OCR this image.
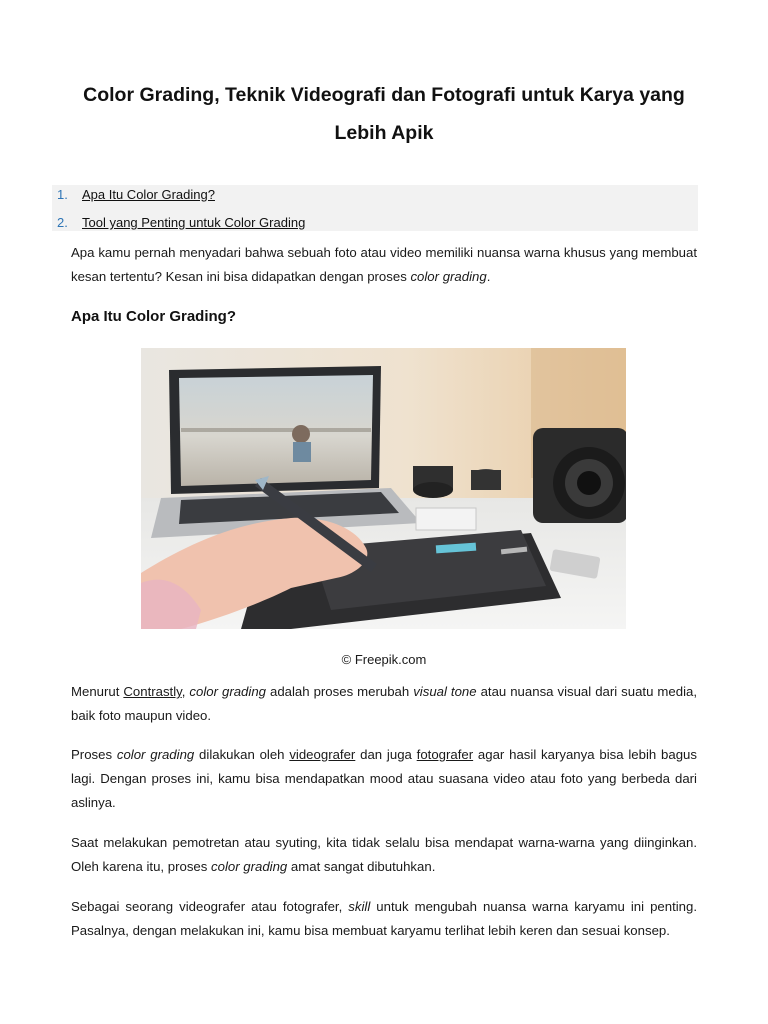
Color Grading, Teknik Videografi dan Fotografi untuk Karya yang Lebih Apik
1. Apa Itu Color Grading?
2. Tool yang Penting untuk Color Grading

Apa kamu pernah menyadari bahwa sebuah foto atau video memiliki nuansa warna khusus yang membuat kesan tertentu? Kesan ini bisa didapatkan dengan proses color grading.

Apa Itu Color Grading?
© Freepik.com

Menurut Contrastly, color grading adalah proses merubah visual tone atau nuansa visual dari suatu media, baik foto maupun video.

Proses color grading dilakukan oleh videografer dan juga fotografer agar hasil karyanya bisa lebih bagus lagi. Dengan proses ini, kamu bisa mendapatkan mood atau suasana video atau foto yang berbeda dari aslinya.

Saat melakukan pemotretan atau syuting, kita tidak selalu bisa mendapat warna-warna yang diinginkan. Oleh karena itu, proses color grading amat sangat dibutuhkan.

Sebagai seorang videografer atau fotografer, skill untuk mengubah nuansa warna karyamu ini penting. Pasalnya, dengan melakukan ini, kamu bisa membuat karyamu terlihat lebih keren dan sesuai konsep.
